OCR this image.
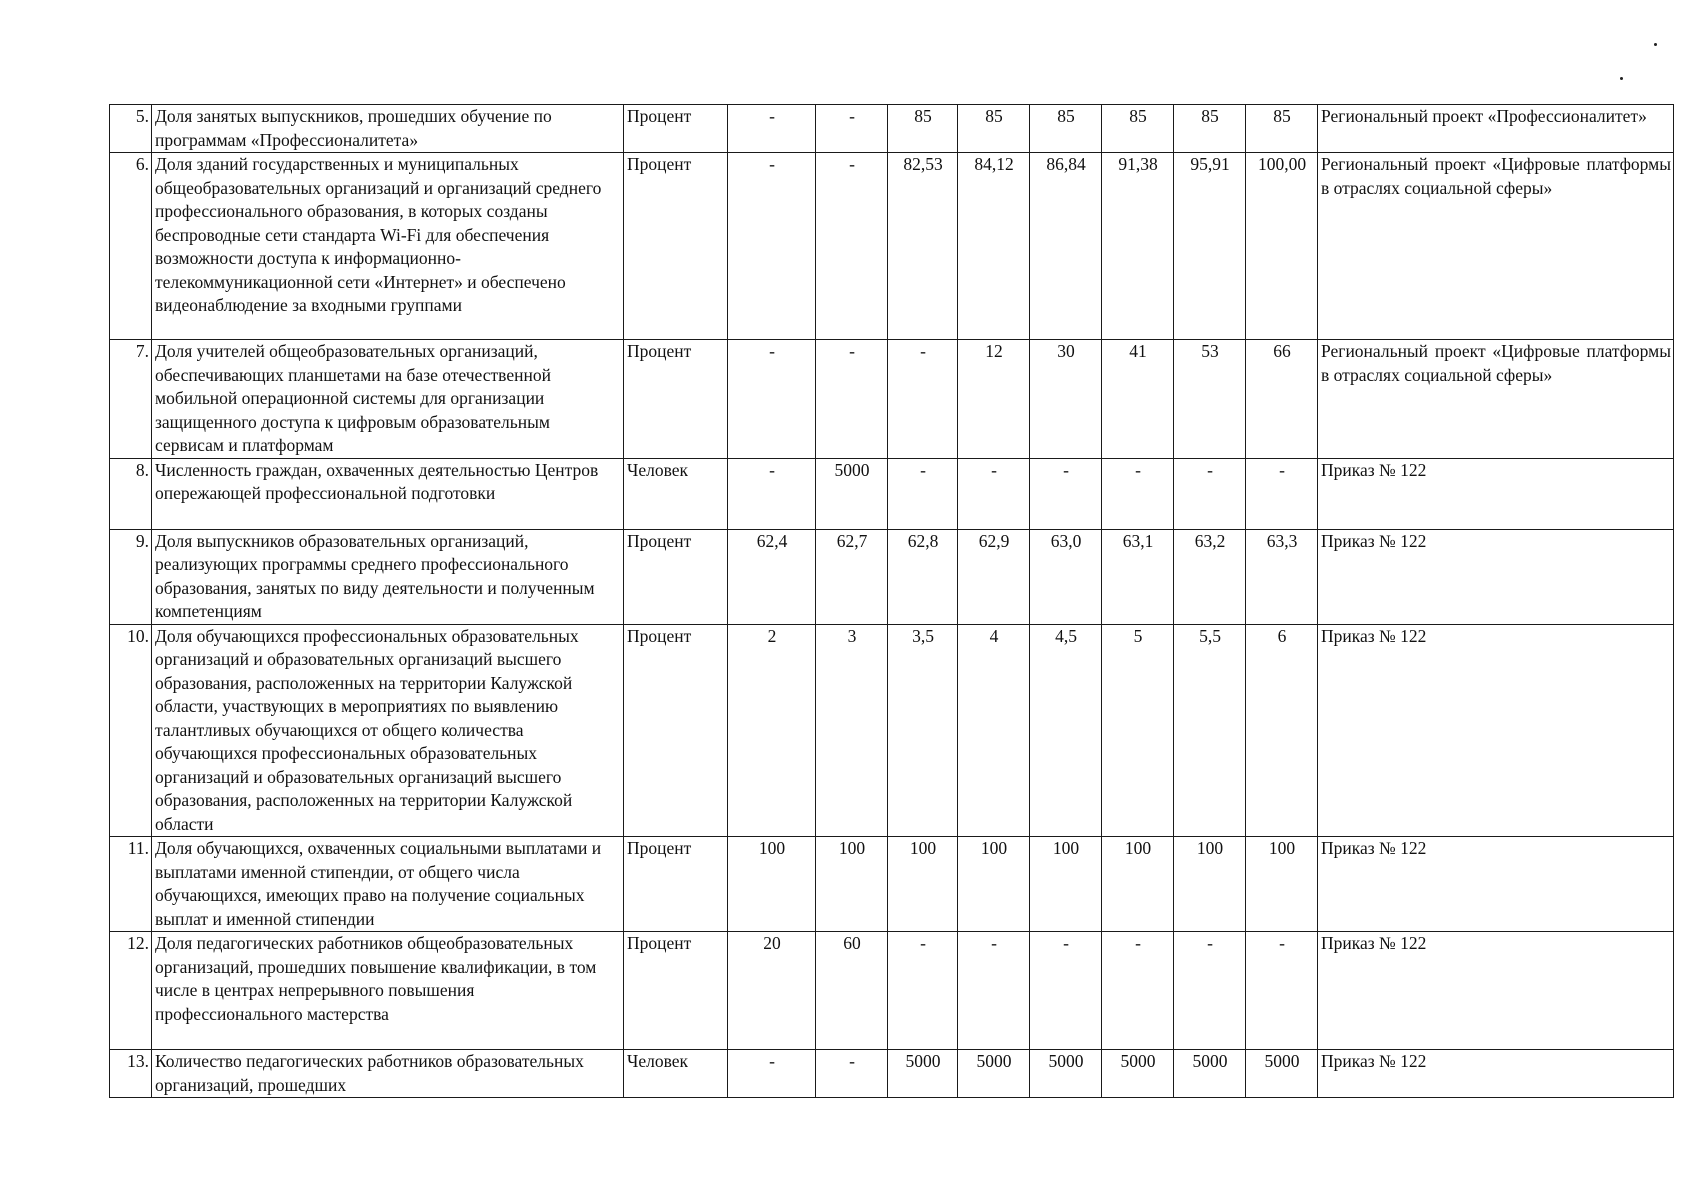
5.	Доля занятых выпускников, прошедших обучение по программам «Профессионалитета»	Процент	-	-	85	85	85	85	85	85	Региональный проект «Профессионалитет»
6.	Доля зданий государственных и муниципальных общеобразовательных организаций и организаций среднего профессионального образования, в которых созданы беспроводные сети стандарта Wi-Fi для обеспечения возможности доступа к информационно-телекоммуникационной сети «Интернет» и обеспечено видеонаблюдение за входными группами	Процент	-	-	82,53	84,12	86,84	91,38	95,91	100,00	Региональный проект «Цифровые платформы в отраслях социальной сферы»
7.	Доля учителей общеобразовательных организаций, обеспечивающих планшетами на базе отечественной мобильной операционной системы для организации защищенного доступа к цифровым образовательным сервисам и платформам	Процент	-	-	-	12	30	41	53	66	Региональный проект «Цифровые платформы в отраслях социальной сферы»
8.	Численность граждан, охваченных деятельностью Центров опережающей профессиональной подготовки	Человек	-	5000	-	-	-	-	-	-	Приказ № 122
9.	Доля выпускников образовательных организаций, реализующих программы среднего профессионального образования, занятых по виду деятельности и полученным компетенциям	Процент	62,4	62,7	62,8	62,9	63,0	63,1	63,2	63,3	Приказ № 122
10.	Доля обучающихся профессиональных образовательных организаций и образовательных организаций высшего образования, расположенных на территории Калужской области, участвующих в мероприятиях по выявлению талантливых обучающихся от общего количества обучающихся профессиональных образовательных организаций и образовательных организаций высшего образования, расположенных на территории Калужской области	Процент	2	3	3,5	4	4,5	5	5,5	6	Приказ № 122
11.	Доля обучающихся, охваченных социальными выплатами и выплатами именной стипендии, от общего числа обучающихся, имеющих право на получение социальных выплат и именной стипендии	Процент	100	100	100	100	100	100	100	100	Приказ № 122
12.	Доля педагогических работников общеобразовательных организаций, прошедших повышение квалификации, в том числе в центрах непрерывного повышения профессионального мастерства	Процент	20	60	-	-	-	-	-	-	Приказ № 122
13.	Количество педагогических работников образовательных организаций, прошедших	Человек	-	-	5000	5000	5000	5000	5000	5000	Приказ № 122
